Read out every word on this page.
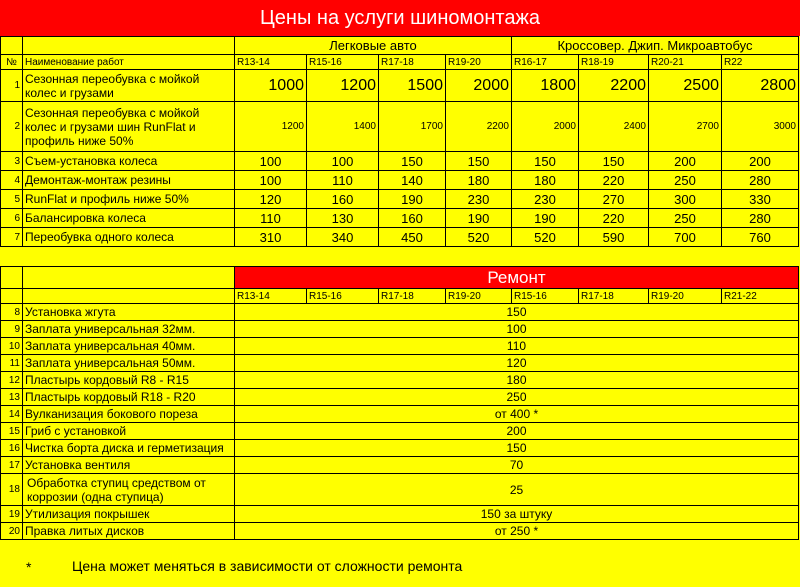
Цены на услуги шиномонтажа
		Легковые авто				Кроссовер. Джип. Микроавтобус			
№	Наименование работ	R13-14	R15-16	R17-18	R19-20	R16-17	R18-19	R20-21	R22
1	Сезонная переобувка с мойкой колес и грузами	1000	1200	1500	2000	1800	2200	2500	2800
2	Сезонная переобувка с мойкой колес и грузами шин RunFlat и профиль ниже 50%	1200	1400	1700	2200	2000	2400	2700	3000
3	Съем-установка колеса	100	100	150	150	150	150	200	200
4	Демонтаж-монтаж резины	100	110	140	180	180	220	250	280
5	RunFlat и профиль ниже 50%	120	160	190	230	230	270	300	330
6	Балансировка колеса	110	130	160	190	190	220	250	280
7	Переобувка одного колеса	310	340	450	520	520	590	700	760
		Ремонт							
		R13-14	R15-16	R17-18	R19-20	R15-16	R17-18	R19-20	R21-22
8	Установка жгута	150							
9	Заплата универсальная 32мм.	100							
10	Заплата универсальная 40мм.	110							
11	Заплата универсальная 50мм.	120							
12	Пластырь кордовый R8 - R15	180							
13	Пластырь кордовый R18 - R20	250							
14	Вулканизация бокового пореза	от 400 *							
15	Гриб с установкой	200							
16	Чистка борта диска и герметизация	150							
17	Установка вентиля	70							
18	Обработка ступиц средством от коррозии (одна ступица)	25							
19	Утилизация покрышек	150 за штуку							
20	Правка литых дисков	от 250 *							
*	Цена может меняться в зависимости от сложности ремонта
